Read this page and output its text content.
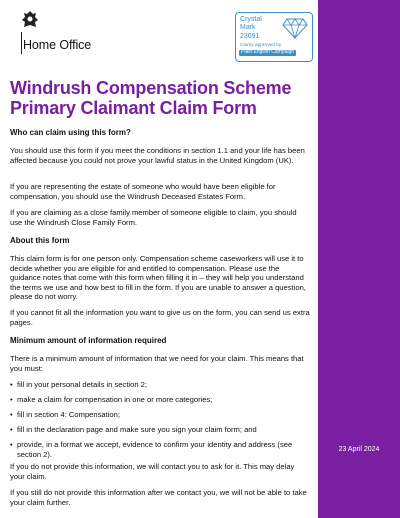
23 April 2024
Home Office
Crystal
Mark
23691
Clarity approved by
Plain English Campaign
Windrush Compensation Scheme
Primary Claimant Claim Form
Who can claim using this form?
You should use this form if you meet the conditions in section 1.1 and your life has been affected because you could not prove your lawful status in the United Kingdom (UK).
If you are representing the estate of someone who would have been eligible for compensation, you should use the Windrush Deceased Estates Form.
If you are claiming as a close family member of someone eligible to claim, you should use the Windrush Close Family Form.
About this form
This claim form is for one person only. Compensation scheme caseworkers will use it to decide whether you are eligible for and entitled to compensation. Please use the guidance notes that come with this form when filling it in – they will help you understand the terms we use and how best to fill in the form. If you are unable to answer a question, please do not worry.
If you cannot fit all the information you want to give us on the form, you can send us extra pages.
Minimum amount of information required
There is a minimum amount of information that we need for your claim. This means that you must:
• fill in your personal details in section 2;
• make a claim for compensation in one or more categories;
• fill in section 4: Compensation;
• fill in the declaration page and make sure you sign your claim form; and
• provide, in a format we accept, evidence to confirm your identity and address (see section 2).
If you do not provide this information, we will contact you to ask for it. This may delay your claim.
If you still do not provide this information after we contact you, we will not be able to take your claim further.
